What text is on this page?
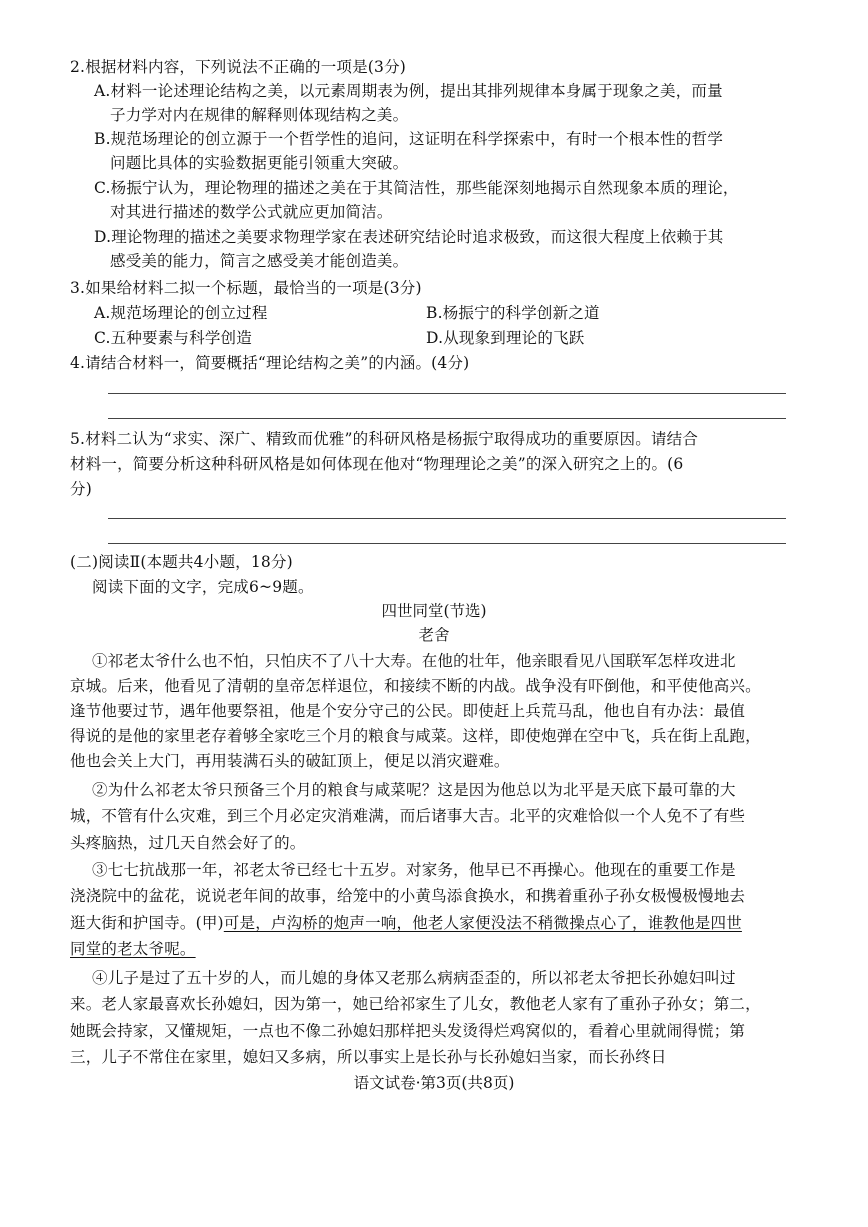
2.根据材料内容，下列说法不正确的一项是(3分)
A.材料一论述理论结构之美，以元素周期表为例，提出其排列规律本身属于现象之美，而量
子力学对内在规律的解释则体现结构之美。
B.规范场理论的创立源于一个哲学性的追问，这证明在科学探索中，有时一个根本性的哲学
问题比具体的实验数据更能引领重大突破。
C.杨振宁认为，理论物理的描述之美在于其简洁性，那些能深刻地揭示自然现象本质的理论，
对其进行描述的数学公式就应更加简洁。
D.理论物理的描述之美要求物理学家在表述研究结论时追求极致，而这很大程度上依赖于其
感受美的能力，简言之感受美才能创造美。
3.如果给材料二拟一个标题，最恰当的一项是(3分)
A.规范场理论的创立过程	B.杨振宁的科学创新之道
C.五种要素与科学创造	D.从现象到理论的飞跃
4.请结合材料一，简要概括“理论结构之美”的内涵。(4分)
5.材料二认为“求实、深广、精致而优雅”的科研风格是杨振宁取得成功的重要原因。请结合
材料一，简要分析这种科研风格是如何体现在他对“物理理论之美”的深入研究之上的。(6
分)
(二)阅读Ⅱ(本题共4小题，18分)
阅读下面的文字，完成6~9题。
四世同堂(节选)
老舍
①祁老太爷什么也不怕，只怕庆不了八十大寿。在他的壮年，他亲眼看见八国联军怎样攻进北
京城。后来，他看见了清朝的皇帝怎样退位，和接续不断的内战。战争没有吓倒他，和平使他高兴。
逢节他要过节，遇年他要祭祖，他是个安分守己的公民。即使赶上兵荒马乱，他也自有办法：最值
得说的是他的家里老存着够全家吃三个月的粮食与咸菜。这样，即使炮弹在空中飞，兵在街上乱跑，
他也会关上大门，再用装满石头的破缸顶上，便足以消灾避难。
②为什么祁老太爷只预备三个月的粮食与咸菜呢？这是因为他总以为北平是天底下最可靠的大
城，不管有什么灾难，到三个月必定灾消难满，而后诸事大吉。北平的灾难恰似一个人免不了有些
头疼脑热，过几天自然会好了的。
③七七抗战那一年，祁老太爷已经七十五岁。对家务，他早已不再操心。他现在的重要工作是
浇浇院中的盆花，说说老年间的故事，给笼中的小黄鸟添食换水，和携着重孙子孙女极慢极慢地去
逛大街和护国寺。(甲)可是，卢沟桥的炮声一响，他老人家便没法不稍微操点心了，谁教他是四世
同堂的老太爷呢。
④儿子是过了五十岁的人，而儿媳的身体又老那么病病歪歪的，所以祁老太爷把长孙媳妇叫过
来。老人家最喜欢长孙媳妇，因为第一，她已给祁家生了儿女，教他老人家有了重孙子孙女；第二，
她既会持家，又懂规矩，一点也不像二孙媳妇那样把头发烫得烂鸡窝似的，看着心里就闹得慌；第
三，儿子不常住在家里，媳妇又多病，所以事实上是长孙与长孙媳妇当家，而长孙终日
语文试卷·第3页(共8页)
